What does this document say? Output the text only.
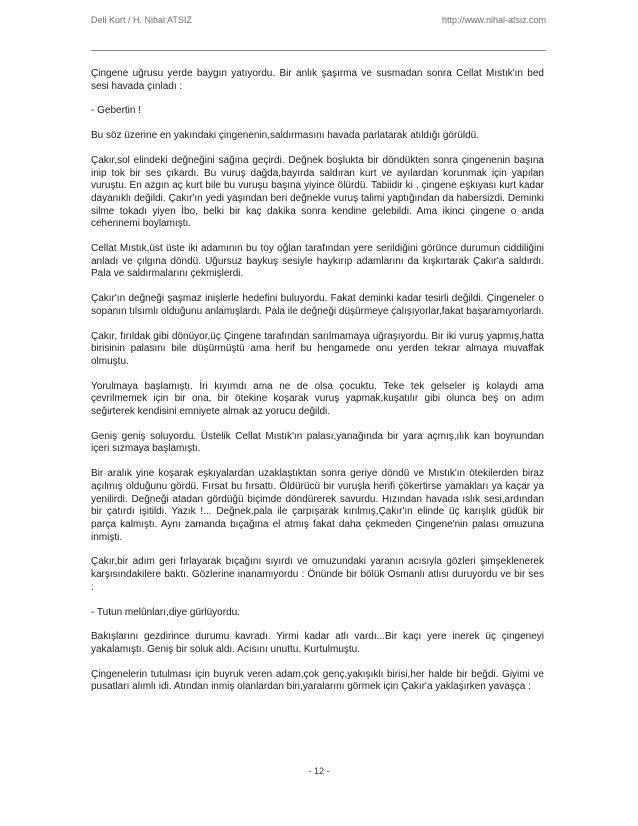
Deli Kurt / H. Nihal ATSIZ	http://www.nihal-atsiz.com

Çingene uğrusu yerde baygın yatıyordu. Bir anlık şaşırma ve susmadan sonra Cellat Mıstık'ın bed sesi havada çınladı :

- Gebertin !

Bu söz üzerine en yakındaki çingenenin,saldırmasını havada parlatarak atıldığı görüldü.

Çakır,sol elindeki değneğini sağına geçirdi. Değnek boşlukta bir döndükten sonra çingenenin başına inip tok bir ses çıkardı. Bu vuruş dağda,bayırda saldıran kurt ve ayılardan korunmak için yapılan vuruştu. En azgın aç kurt bile bu vuruşu başına yiyince ölürdü. Tabiidir ki , çingene eşkıyası kurt kadar dayanıklı değildi. Çakır'ın yedi yaşından beri değnekle vuruş talimi yaptığından da habersizdi. Deminki silme tokadı yiyen İbo, belki bir kaç dakika sonra kendine gelebildi. Ama ikinci çingene o anda cehennemi boylamıştı.

Cellat Mıstık,üst üste iki adamının bu toy oğlan tarafından yere serildiğini görünce durumun ciddiliğini anladı ve çılgına döndü. Uğursuz baykuş sesiyle haykırıp adamlarını da kışkırtarak Çakır'a saldırdı. Pala ve saldırmalarını çekmişlerdi.

Çakır'ın değneği şaşmaz inişlerle hedefini buluyordu. Fakat deminki kadar tesirli değildi. Çingeneler o sopanın tılsımlı olduğunu anlamışlardı. Pala ile değneği düşürmeye çalışıyorlar,fakat başaramıyorlardı.

Çakır, fırıldak gibi dönüyor,üç Çingene tarafından sarılmamaya uğraşıyordu. Bir iki vuruş yapmış,hatta birisinin palasını bile düşürmüştü ama herif bu hengamede onu yerden tekrar almaya muvaffak olmuştu.

Yorulmaya başlamıştı. İri kıyımdı ama ne de olsa çocuktu. Teke tek gelseler iş kolaydı ama çevrilmemek için bir ona, bir ötekine koşarak vuruş yapmak,kuşatılır gibi olunca beş on adım seğirterek kendisini emniyete almak az yorucu değildi.

Geniş geniş soluyordu. Üstelik Cellat Mıstık'ın palası,yanağında bir yara açmış,ılık kan boynundan içeri sızmaya başlamıştı.

Bir aralık yine koşarak eşkıyalardan uzaklaştıktan sonra geriye döndü ve Mıstık'ın ötekilerden biraz açılmış olduğunu gördü. Fırsat bu fırsattı. Öldürücü bir vuruşla herifi çökertirse yamakları ya kaçar ya yenilirdi. Değneği atadan gördüğü biçimde döndürerek savurdu. Hızından havada ıslık sesi,ardından bir çatırdı işitildi. Yazık !... Değnek,pala ile çarpışarak kırılmış,Çakır'ın elinde üç karışlık güdük bir parça kalmıştı. Aynı zamanda bıçağına el atmış fakat daha çekmeden Çingene'nin palası omuzuna inmişti.

Çakır,bir adım geri fırlayarak bıçağını sıyırdı ve omuzundaki yaranın acısıyla gözleri şimşeklenerek karşısındakilere baktı. Gözlerine inanamıyordu : Önünde bir bölük Osmanlı atlısı duruyordu ve bir ses :

- Tutun melûnları,diye gürlüyordu.

Bakışlarını gezdirince durumu kavradı. Yirmi kadar atlı vardı...Bir kaçı yere inerek üç çingeneyi yakalamıştı. Geniş bir soluk aldı. Acısını unuttu. Kurtulmuştu.

Çingenelerin tutulması için buyruk veren adam,çok genç,yakışıklı birisi,her halde bir beğdi. Giyimi ve pusatları alımlı idi. Atından inmiş olanlardan biri,yaralarını görmek için Çakır'a yaklaşırken yavaşça :

- 12 -
